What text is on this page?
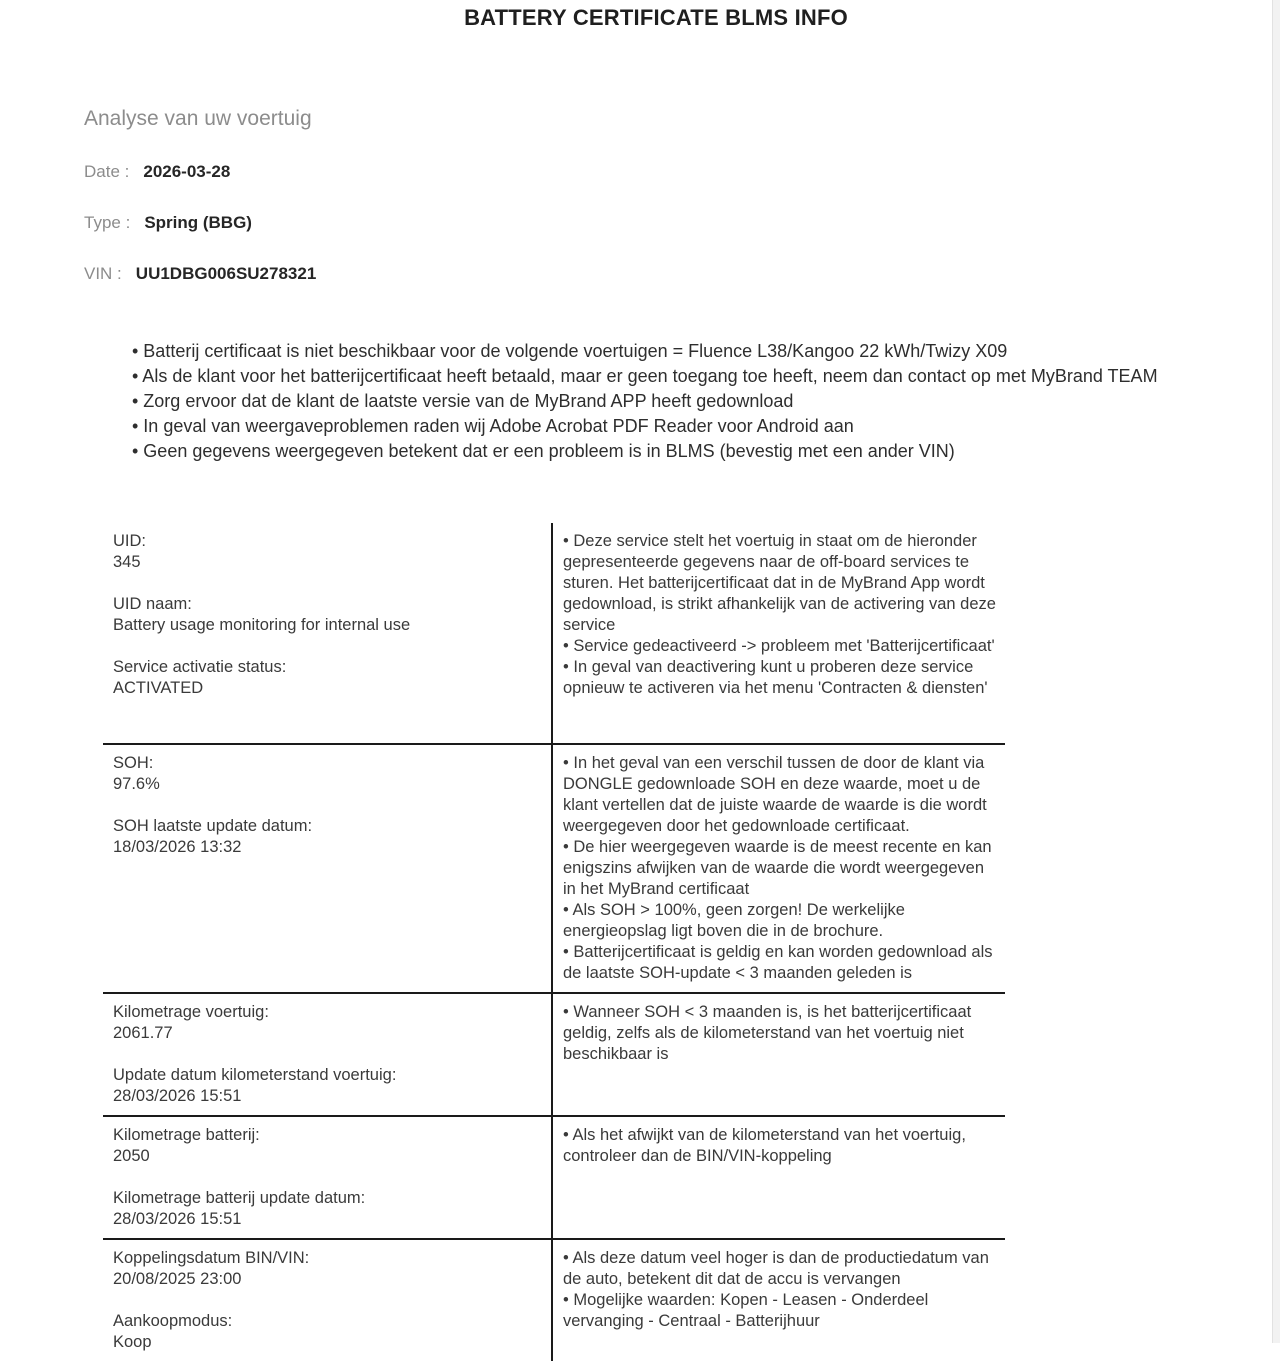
BATTERY CERTIFICATE BLMS INFO
Analyse van uw voertuig
Date : 2026-03-28
Type : Spring (BBG)
VIN : UU1DBG006SU278321

• Batterij certificaat is niet beschikbaar voor de volgende voertuigen = Fluence L38/Kangoo 22 kWh/Twizy X09

• Als de klant voor het batterijcertificaat heeft betaald, maar er geen toegang toe heeft, neem dan contact op met MyBrand TEAM

• Zorg ervoor dat de klant de laatste versie van de MyBrand APP heeft gedownload

• In geval van weergaveproblemen raden wij Adobe Acrobat PDF Reader voor Android aan

• Geen gegevens weergegeven betekent dat er een probleem is in BLMS (bevestig met een ander VIN)

UID:
345
UID naam:
Battery usage monitoring for internal use
Service activatie status:
ACTIVATED

• Deze service stelt het voertuig in staat om de hieronder gepresenteerde gegevens naar de off-board services te sturen. Het batterijcertificaat dat in de MyBrand App wordt gedownload, is strikt afhankelijk van de activering van deze service

• Service gedeactiveerd -> probleem met 'Batterijcertificaat'

• In geval van deactivering kunt u proberen deze service opnieuw te activeren via het menu 'Contracten & diensten'

SOH:
97.6%
SOH laatste update datum:
18/03/2026 13:32

• In het geval van een verschil tussen de door de klant via DONGLE gedownloade SOH en deze waarde, moet u de klant vertellen dat de juiste waarde de waarde is die wordt weergegeven door het gedownloade certificaat.

• De hier weergegeven waarde is de meest recente en kan enigszins afwijken van de waarde die wordt weergegeven in het MyBrand certificaat

• Als SOH > 100%, geen zorgen! De werkelijke energieopslag ligt boven die in de brochure.

• Batterijcertificaat is geldig en kan worden gedownload als de laatste SOH-update < 3 maanden geleden is

Kilometrage voertuig:
2061.77
Update datum kilometerstand voertuig:
28/03/2026 15:51

• Wanneer SOH < 3 maanden is, is het batterijcertificaat geldig, zelfs als de kilometerstand van het voertuig niet beschikbaar is

Kilometrage batterij:
2050
Kilometrage batterij update datum:
28/03/2026 15:51

• Als het afwijkt van de kilometerstand van het voertuig, controleer dan de BIN/VIN-koppeling

Koppelingsdatum BIN/VIN:
20/08/2025 23:00
Aankoopmodus:
Koop

• Als deze datum veel hoger is dan de productiedatum van de auto, betekent dit dat de accu is vervangen

• Mogelijke waarden: Kopen - Leasen - Onderdeel vervanging - Centraal - Batterijhuur
